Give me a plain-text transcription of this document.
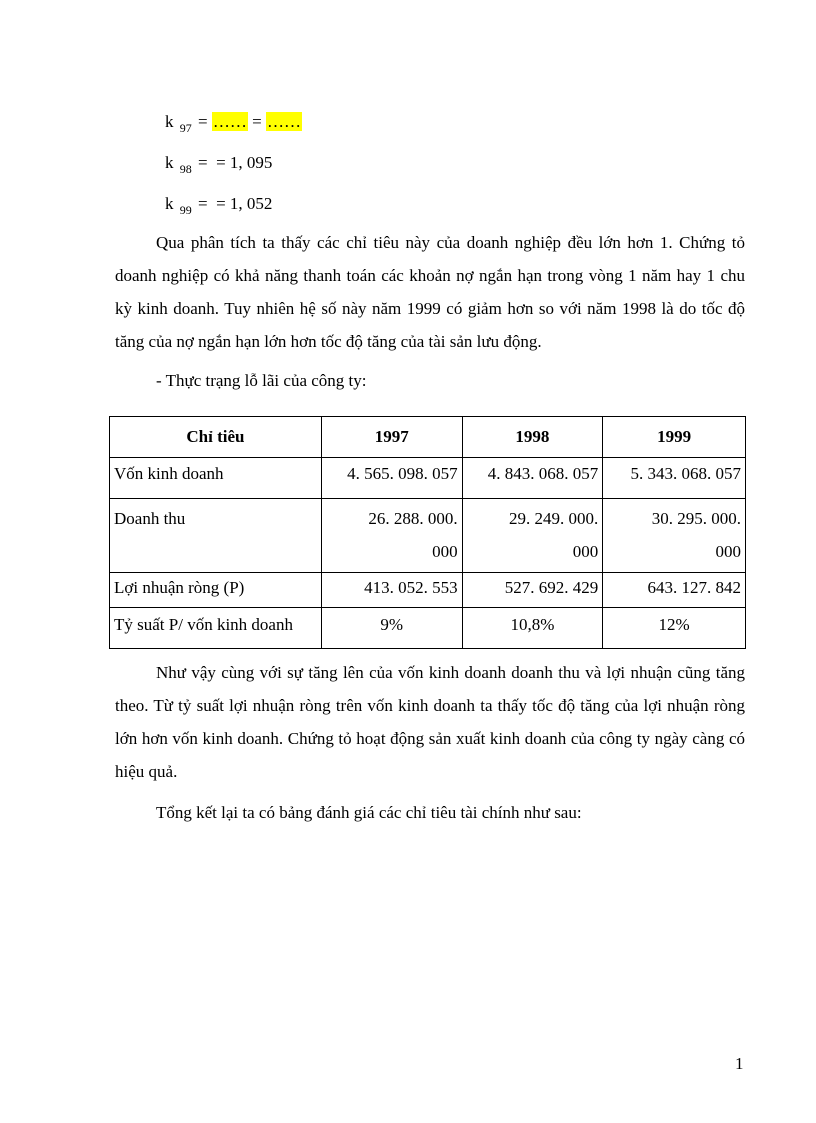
k $_{97}$ = …… = ……
k $_{98}$ =  = 1, 095
k $_{99}$ =  = 1, 052
Qua phân tích ta thấy các chỉ tiêu này của doanh nghiệp đều lớn hơn 1. Chứng tỏ doanh nghiệp có khả năng thanh toán các khoản nợ ngắn hạn trong vòng 1 năm hay 1 chu kỳ kinh doanh. Tuy nhiên hệ số này năm 1999 có giảm hơn so với năm 1998 là do tốc độ tăng của nợ ngắn hạn lớn hơn tốc độ tăng của tài sản lưu động.
- Thực trạng lỗ lãi của công ty:
Chỉ tiêu	1997	1998	1999
Vốn kinh doanh	4. 565. 098. 057	4. 843. 068. 057	5. 343. 068. 057
Doanh thu	26. 288. 000. 000	29. 249. 000. 000	30. 295. 000. 000
Lợi nhuận ròng (P)	413. 052. 553	527. 692. 429	643. 127. 842
Tỷ suất P/ vốn kinh doanh	9%	10,8%	12%
Như vậy cùng với sự tăng lên của vốn kinh doanh doanh thu và lợi nhuận cũng tăng theo. Từ tỷ suất lợi nhuận ròng trên vốn kinh doanh ta thấy tốc độ tăng của lợi nhuận ròng lớn hơn vốn kinh doanh. Chứng tỏ hoạt động sản xuất kinh doanh của công ty ngày càng có hiệu quả.
Tổng kết lại ta có bảng đánh giá các chỉ tiêu tài chính như sau:
1
